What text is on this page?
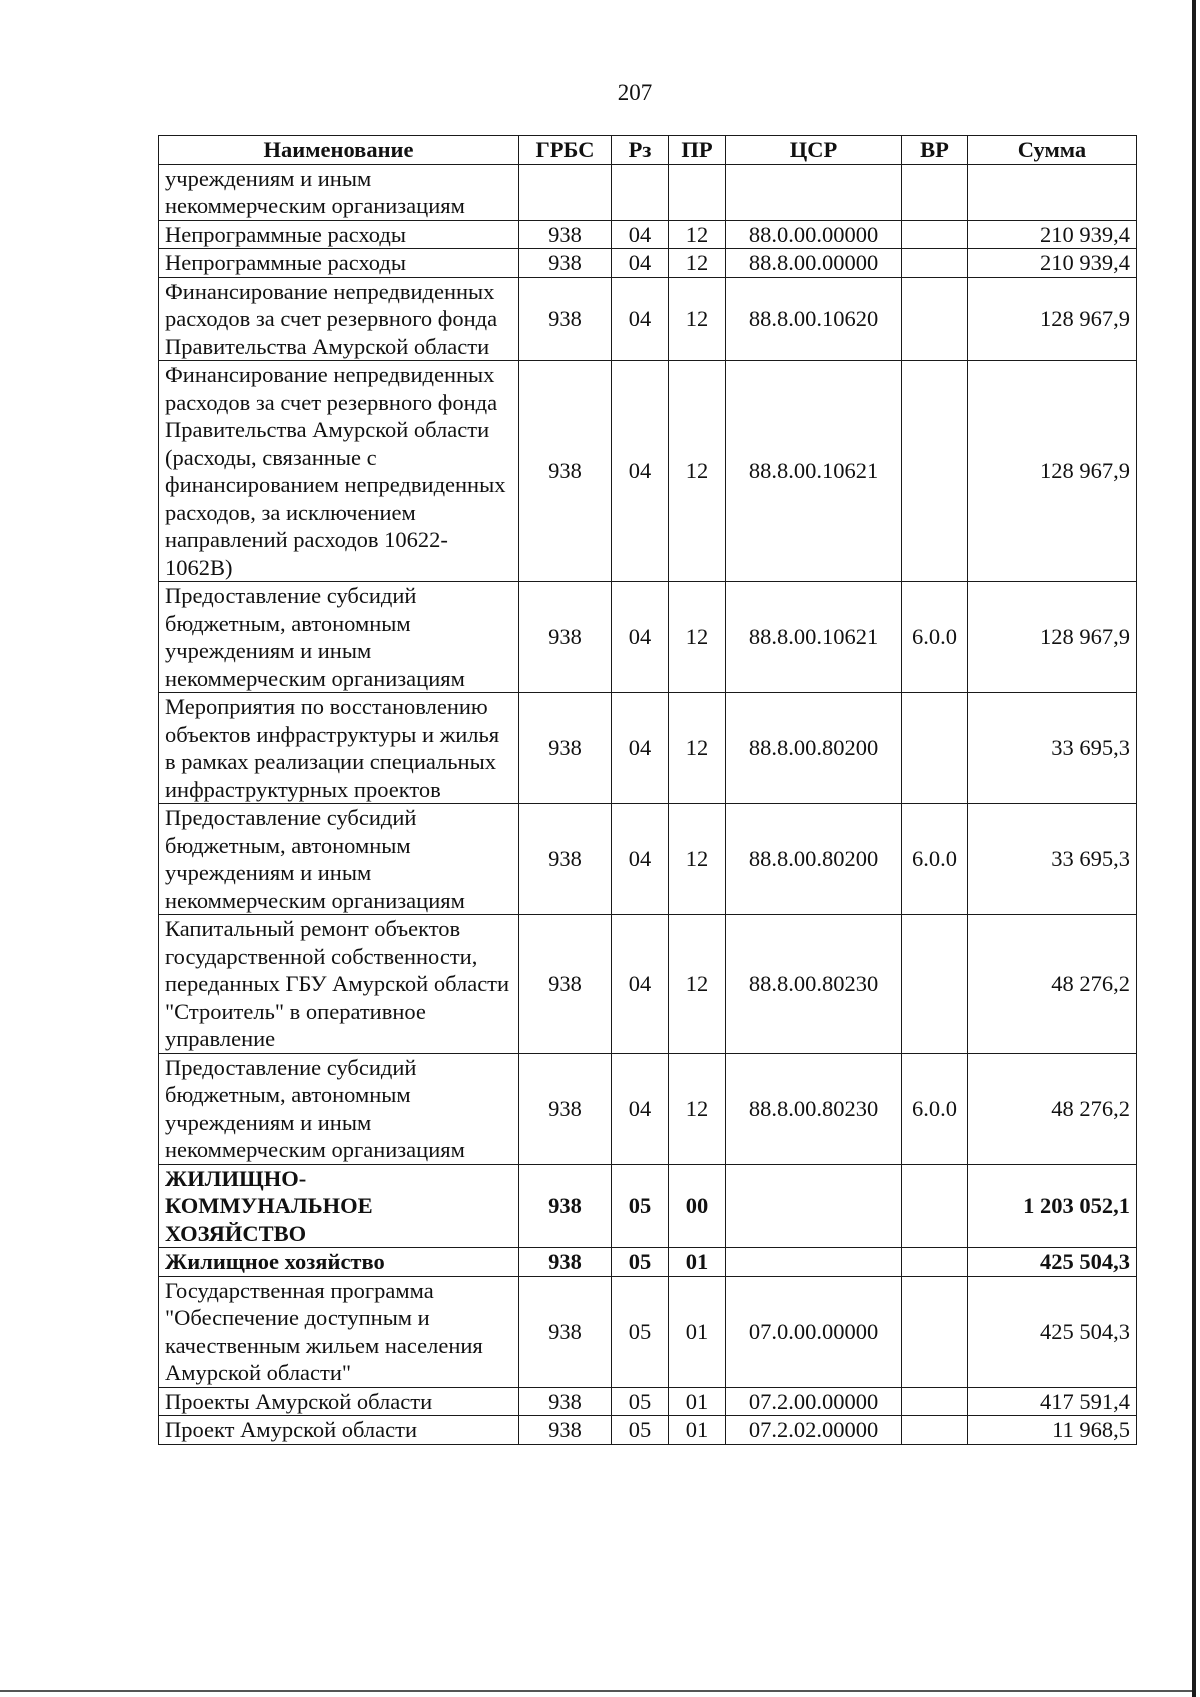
207
Наименование	ГРБС	Рз	ПР	ЦСР	ВР	Сумма
учреждениям и иным некоммерческим организациям						
Непрограммные расходы	938	04	12	88.0.00.00000		210 939,4
Непрограммные расходы	938	04	12	88.8.00.00000		210 939,4
Финансирование непредвиденных расходов за счет резервного фонда Правительства Амурской области	938	04	12	88.8.00.10620		128 967,9
Финансирование непредвиденных расходов за счет резервного фонда Правительства Амурской области (расходы, связанные с финансированием непредвиденных расходов, за исключением направлений расходов 10622-1062В)	938	04	12	88.8.00.10621		128 967,9
Предоставление субсидий бюджетным, автономным учреждениям и иным некоммерческим организациям	938	04	12	88.8.00.10621	6.0.0	128 967,9
Мероприятия по восстановлению объектов инфраструктуры и жилья в рамках реализации специальных инфраструктурных проектов	938	04	12	88.8.00.80200		33 695,3
Предоставление субсидий бюджетным, автономным учреждениям и иным некоммерческим организациям	938	04	12	88.8.00.80200	6.0.0	33 695,3
Капитальный ремонт объектов государственной собственности, переданных ГБУ Амурской области "Строитель" в оперативное управление	938	04	12	88.8.00.80230		48 276,2
Предоставление субсидий бюджетным, автономным учреждениям и иным некоммерческим организациям	938	04	12	88.8.00.80230	6.0.0	48 276,2
ЖИЛИЩНО-КОММУНАЛЬНОЕ ХОЗЯЙСТВО	938	05	00			1 203 052,1
Жилищное хозяйство	938	05	01			425 504,3
Государственная программа "Обеспечение доступным и качественным жильем населения Амурской области"	938	05	01	07.0.00.00000		425 504,3
Проекты Амурской области	938	05	01	07.2.00.00000		417 591,4
Проект Амурской области	938	05	01	07.2.02.00000		11 968,5
